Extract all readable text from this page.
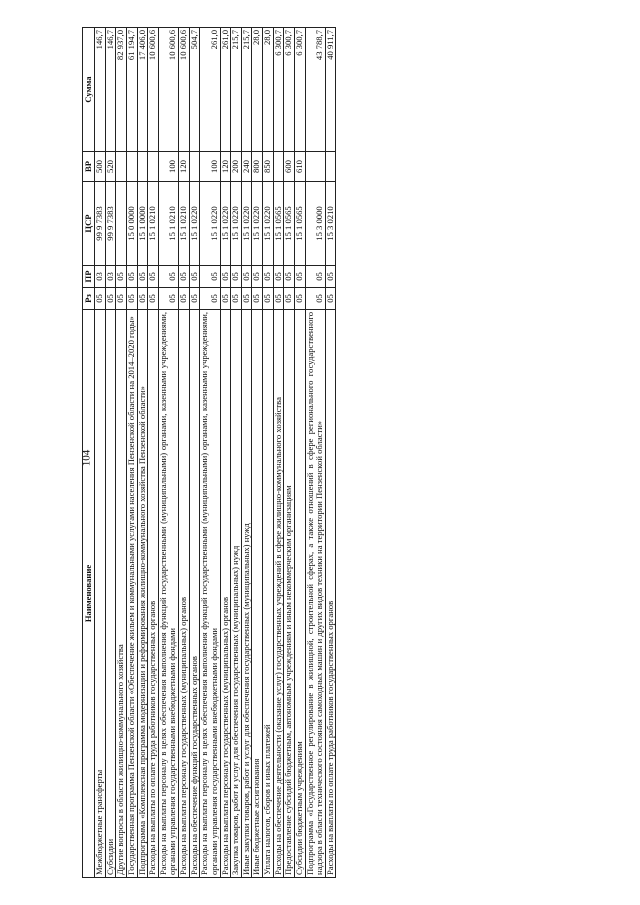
104
Наименование	Рз	ПР	ЦСР	ВР	Сумма
Межбюджетные трансферты	05	03	99 9 7383	500	146,7
Субсидии	05	03	99 9 7383	520	146,7
Другие вопросы в области жилищно-коммунального хозяйства	05	05			82 937,0
Государственная программа Пензенской области «Обеспечение жильем и коммунальными услугами населения Пензенской области на 2014–2020 годы»	05	05	15 0 0000		61 194,7
Подпрограмма «Комплексная программа модернизации и реформирования жилищно-коммунального хозяйства Пензенской области»	05	05	15 1 0000		17 406,0
Расходы на выплаты по оплате труда работников государственных органов	05	05	15 1 0210		10 600,6
Расходы на выплаты персоналу в целях обеспечения выполнения функций государственными (муниципальными) органами, казенными учреждениями, органами управления государственными внебюджетными фондами	05	05	15 1 0210	100	10 600,6
Расходы на выплаты персоналу государственных (муниципальных) органов	05	05	15 1 0210	120	10 600,6
Расходы на обеспечение функций государственных органов	05	05	15 1 0220		504,7
Расходы на выплаты персоналу в целях обеспечения выполнения функций государственными (муниципальными) органами, казенными учреждениями, органами управления государственными внебюджетными фондами	05	05	15 1 0220	100	261,0
Расходы на выплаты персоналу государственных (муниципальных) органов	05	05	15 1 0220	120	261,0
Закупка товаров, работ и услуг для обеспечения государственных (муниципальных) нужд	05	05	15 1 0220	200	215,7
Иные закупки товаров, работ и услуг для обеспечения государственных (муниципальных) нужд	05	05	15 1 0220	240	215,7
Иные бюджетные ассигнования	05	05	15 1 0220	800	28,0
Уплата налогов, сборов и иных платежей	05	05	15 1 0220	850	28,0
Расходы на обеспечение деятельности (оказание услуг) государственных учреждений в сфере жилищно-коммунального хозяйства	05	05	15 1 0565		6 300,7
Предоставление субсидий бюджетным, автономным учреждениям и иным некоммерческим организациям	05	05	15 1 0565	600	6 300,7
Субсидии бюджетным учреждениям	05	05	15 1 0565	610	6 300,7
Подпрограмма «Государственное регулирование в жилищной, строительной сферах, а также отношений в сфере регионального государственного надзора в области технического состояния самоходных машин и других видов техники на территории Пензенской области»	05	05	15 3 0000		43 788,7
Расходы на выплаты по оплате труда работников государственных органов	05	05	15 3 0210		40 911,7
